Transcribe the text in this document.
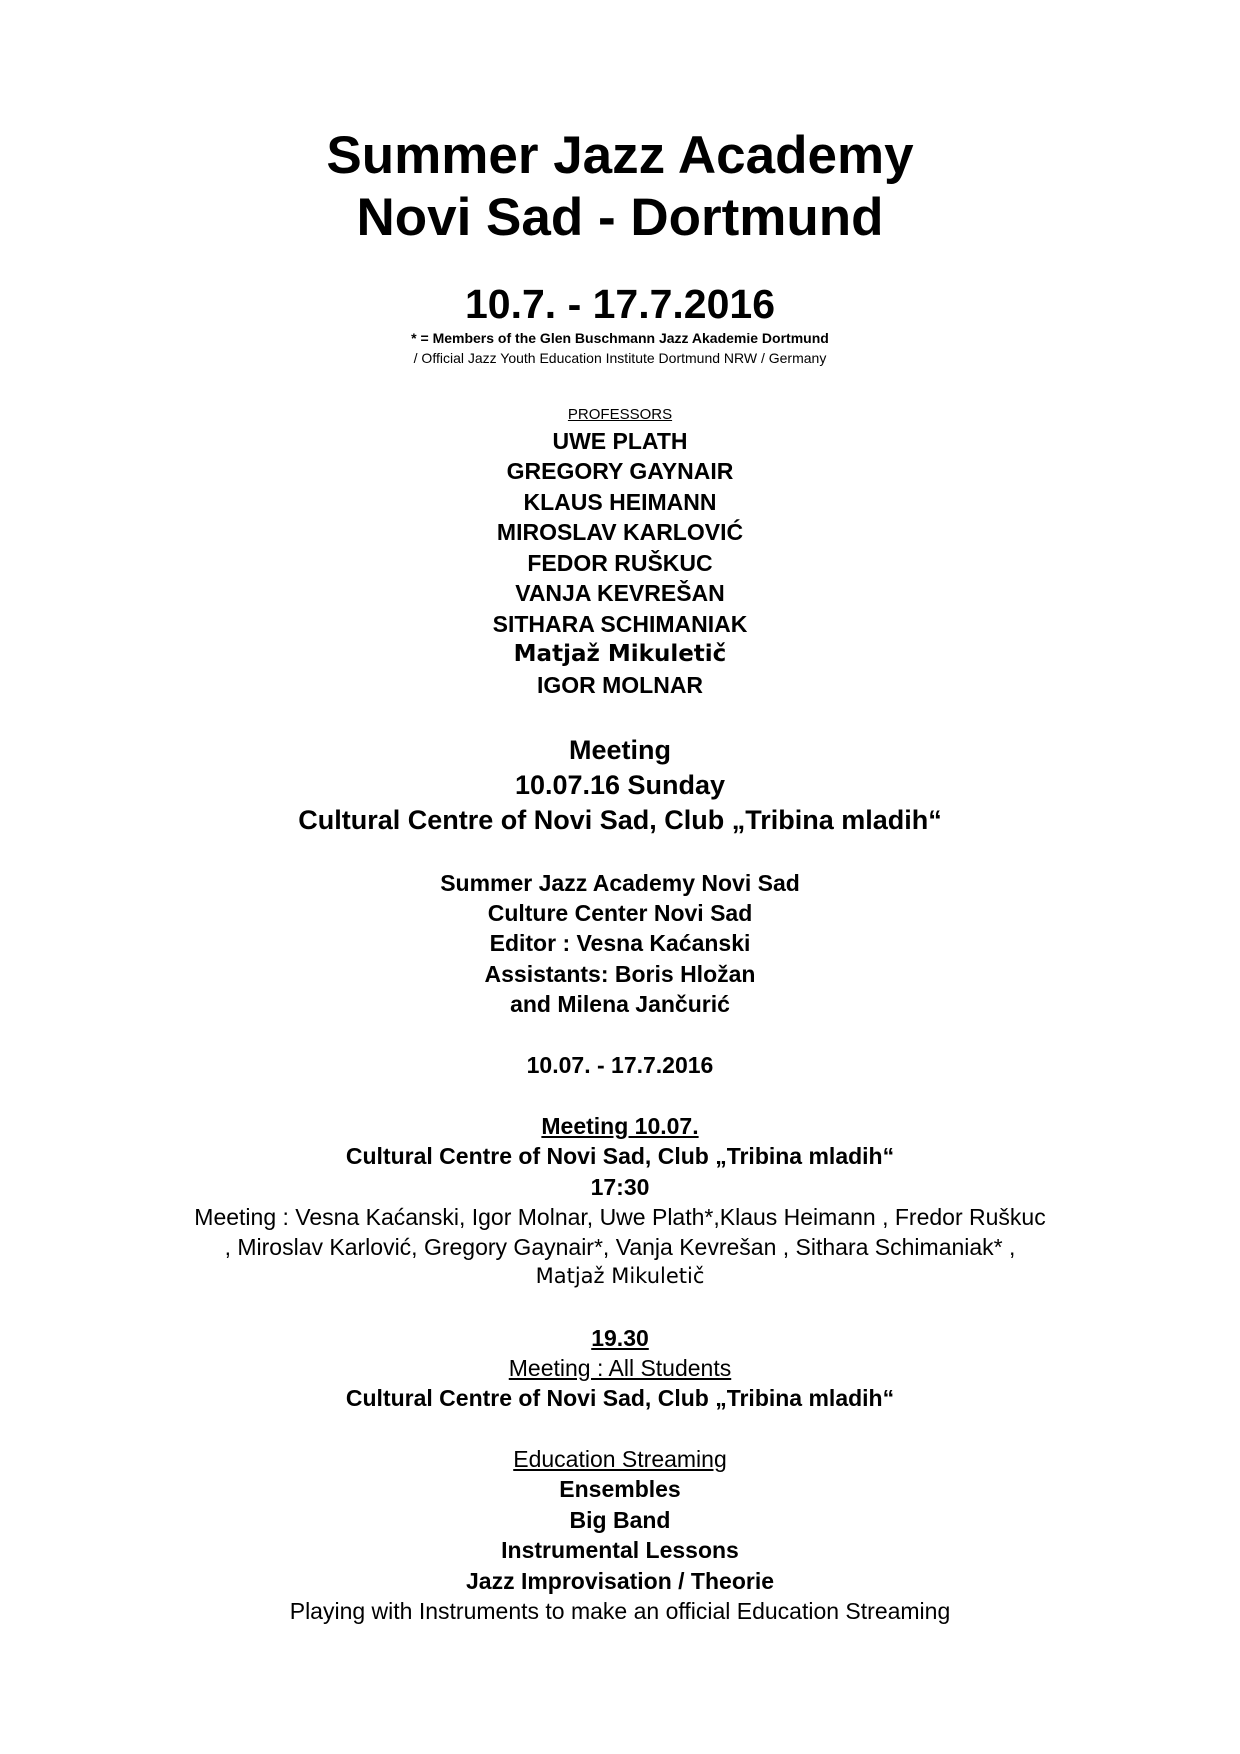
Summer Jazz Academy
Novi Sad - Dortmund
10.7. - 17.7.2016
* = Members of the Glen Buschmann Jazz Akademie Dortmund
/ Official Jazz Youth Education Institute Dortmund NRW / Germany
PROFESSORS
UWE PLATH
GREGORY GAYNAIR
KLAUS HEIMANN
MIROSLAV KARLOVIĆ
FEDOR RUŠKUC
VANJA KEVREŠAN
SITHARA SCHIMANIAK
Matjaž Mikuletič
IGOR MOLNAR
Meeting
10.07.16 Sunday
Cultural Centre of Novi Sad, Club „Tribina mladih“
Summer Jazz Academy Novi Sad
Culture Center Novi Sad
Editor : Vesna Kaćanski
Assistants: Boris Hložan
and Milena Jančurić
10.07. - 17.7.2016
Meeting 10.07.
Cultural Centre of Novi Sad, Club „Tribina mladih“
17:30
Meeting : Vesna Kaćanski, Igor Molnar, Uwe Plath*,Klaus Heimann , Fredor Ruškuc
, Miroslav Karlović, Gregory Gaynair*, Vanja Kevrešan , Sithara Schimaniak* ,
Matjaž Mikuletič
19.30
Meeting : All Students
Cultural Centre of Novi Sad, Club „Tribina mladih“
Education Streaming
Ensembles
Big Band
Instrumental Lessons
Jazz Improvisation / Theorie
Playing with Instruments to make an official Education Streaming
